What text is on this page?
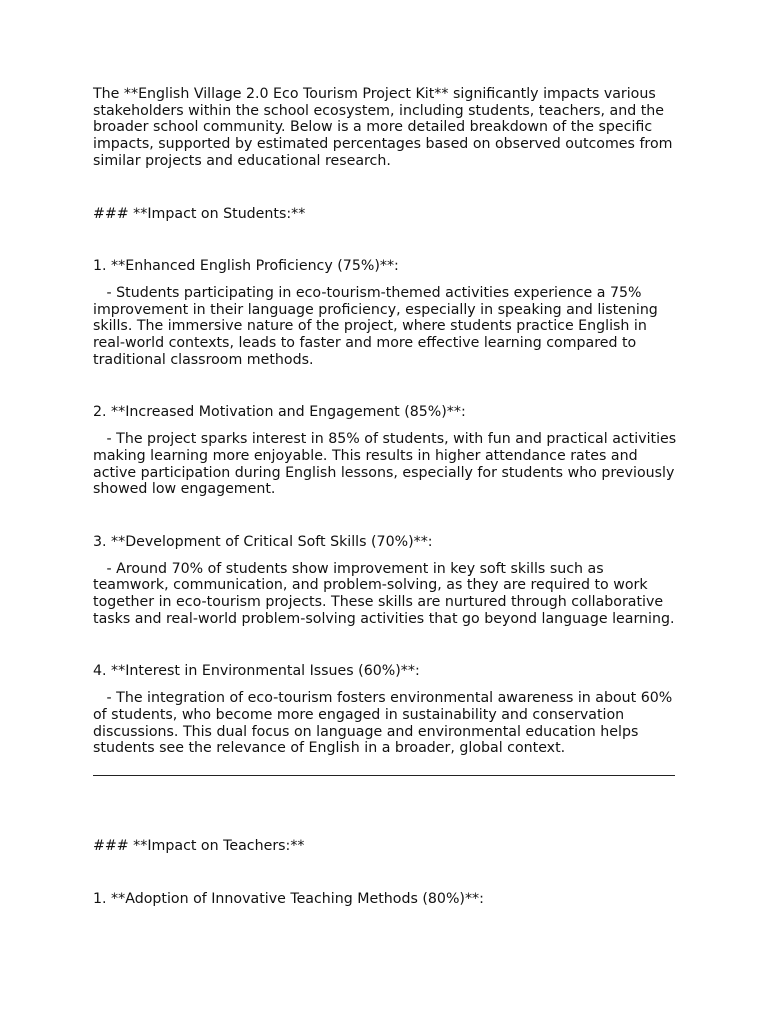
The **English Village 2.0 Eco Tourism Project Kit** significantly impacts various stakeholders within the school ecosystem, including students, teachers, and the broader school community. Below is a more detailed breakdown of the specific impacts, supported by estimated percentages based on observed outcomes from similar projects and educational research.

### **Impact on Students:**

1. **Enhanced English Proficiency (75%)**:

- Students participating in eco-tourism-themed activities experience a 75% improvement in their language proficiency, especially in speaking and listening skills. The immersive nature of the project, where students practice English in real-world contexts, leads to faster and more effective learning compared to traditional classroom methods.

2. **Increased Motivation and Engagement (85%)**:

- The project sparks interest in 85% of students, with fun and practical activities making learning more enjoyable. This results in higher attendance rates and active participation during English lessons, especially for students who previously showed low engagement.

3. **Development of Critical Soft Skills (70%)**:

- Around 70% of students show improvement in key soft skills such as teamwork, communication, and problem-solving, as they are required to work together in eco-tourism projects. These skills are nurtured through collaborative tasks and real-world problem-solving activities that go beyond language learning.

4. **Interest in Environmental Issues (60%)**:

- The integration of eco-tourism fosters environmental awareness in about 60% of students, who become more engaged in sustainability and conservation discussions. This dual focus on language and environmental education helps students see the relevance of English in a broader, global context.

### **Impact on Teachers:**

1. **Adoption of Innovative Teaching Methods (80%)**:
